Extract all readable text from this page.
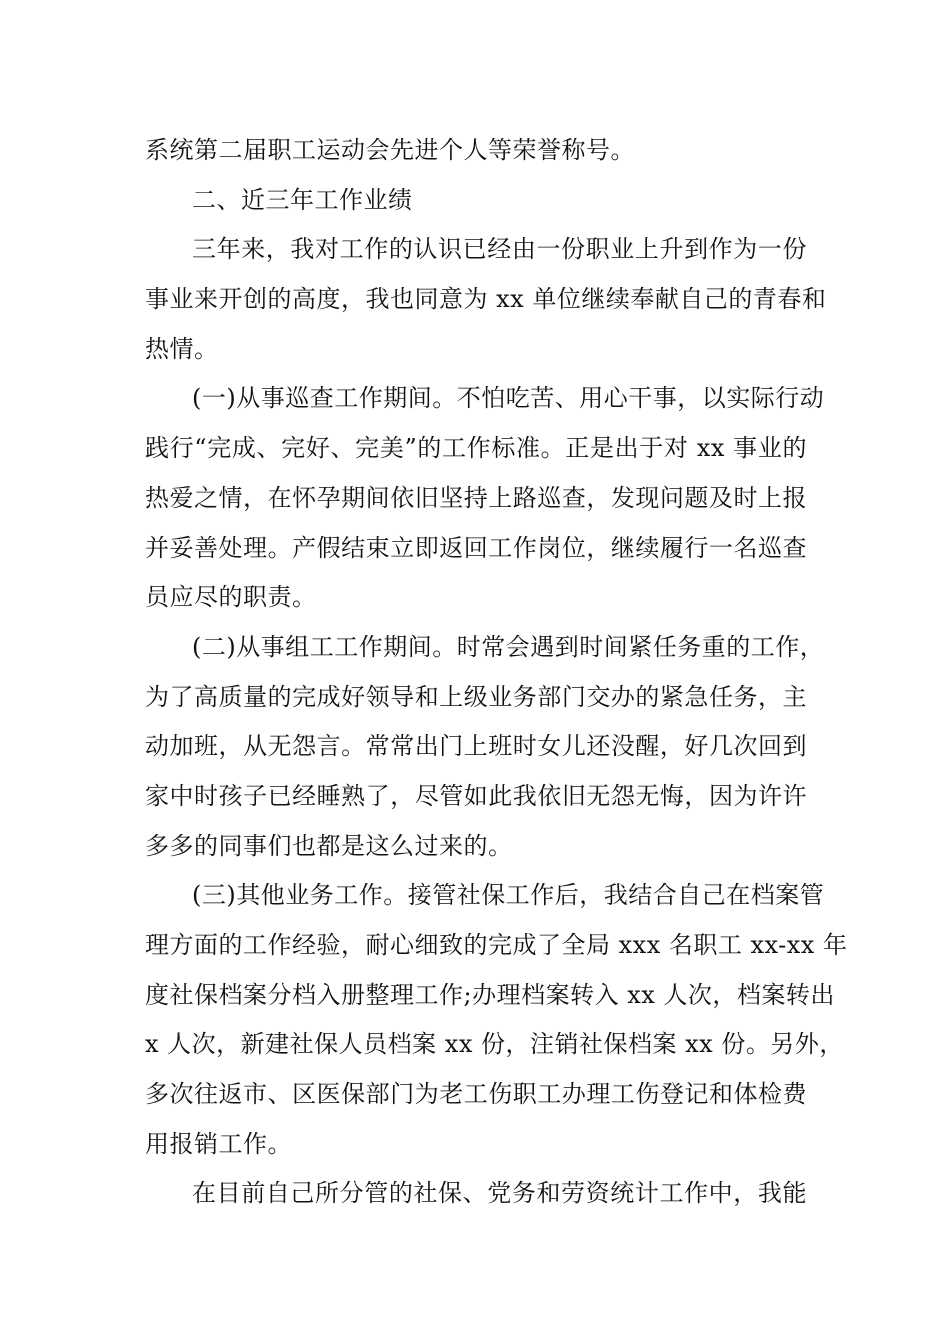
系统第二届职工运动会先进个人等荣誉称号。
二、近三年工作业绩
三年来，我对工作的认识已经由一份职业上升到作为一份
事业来开创的高度，我也同意为 xx 单位继续奉献自己的青春和
热情。
(一)从事巡查工作期间。不怕吃苦、用心干事，以实际行动
践行“完成、完好、完美”的工作标准。正是出于对 xx 事业的
热爱之情，在怀孕期间依旧坚持上路巡查，发现问题及时上报
并妥善处理。产假结束立即返回工作岗位，继续履行一名巡查
员应尽的职责。
(二)从事组工工作期间。时常会遇到时间紧任务重的工作，
为了高质量的完成好领导和上级业务部门交办的紧急任务，主
动加班，从无怨言。常常出门上班时女儿还没醒，好几次回到
家中时孩子已经睡熟了，尽管如此我依旧无怨无悔，因为许许
多多的同事们也都是这么过来的。
(三)其他业务工作。接管社保工作后，我结合自己在档案管
理方面的工作经验，耐心细致的完成了全局 xxx 名职工 xx-xx 年
度社保档案分档入册整理工作;办理档案转入 xx 人次，档案转出
x 人次，新建社保人员档案 xx 份，注销社保档案 xx 份。另外，
多次往返市、区医保部门为老工伤职工办理工伤登记和体检费
用报销工作。
在目前自己所分管的社保、党务和劳资统计工作中，我能
